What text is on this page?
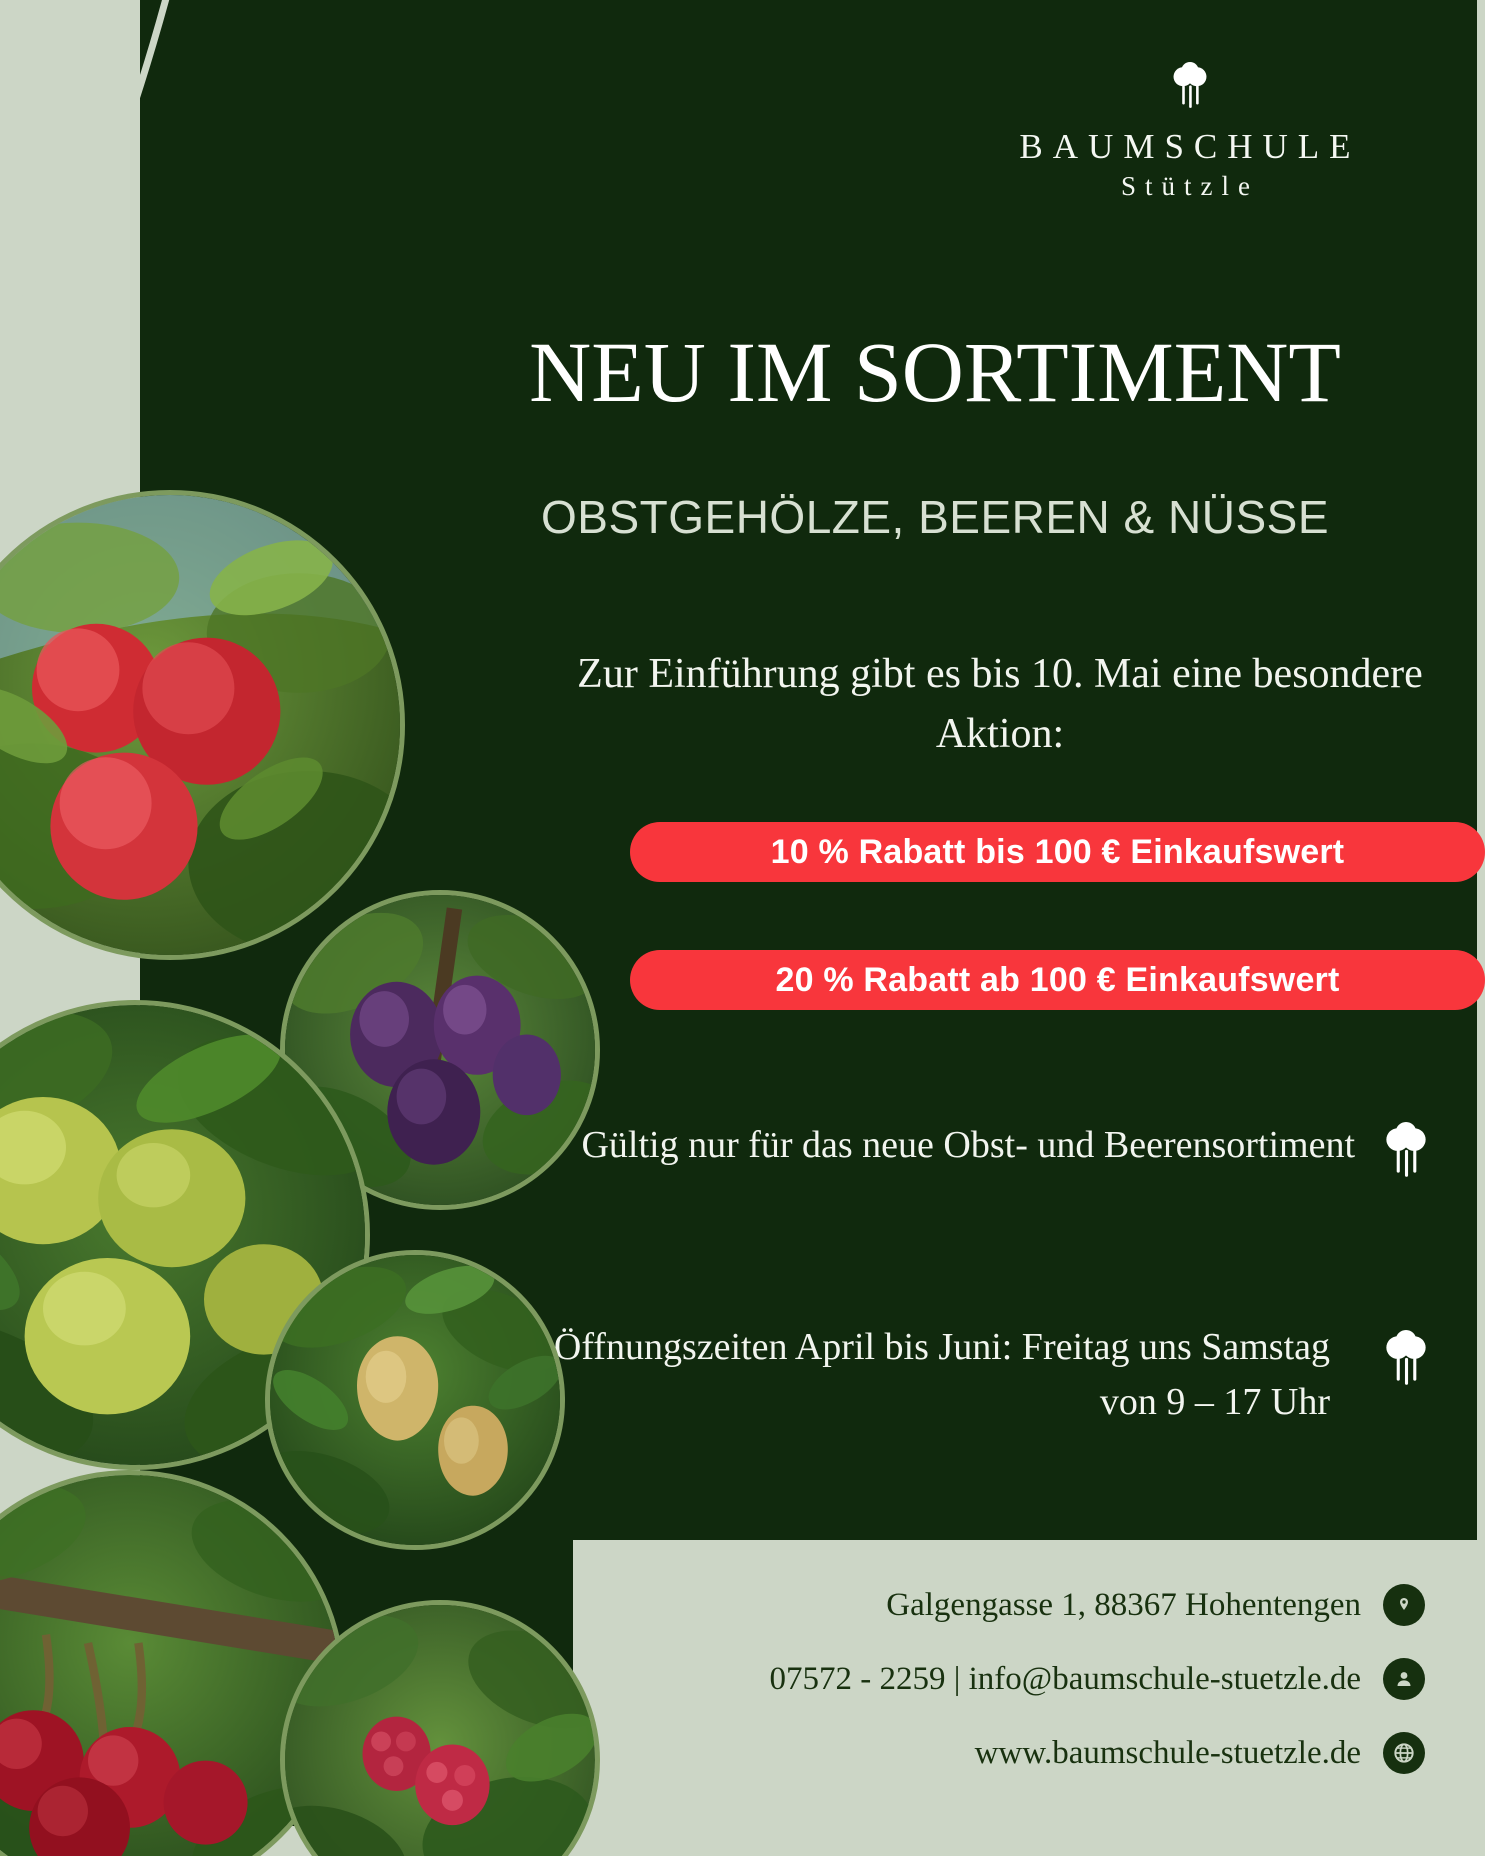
BAUMSCHULE
Stützle
NEU IM SORTIMENT
OBSTGEHÖLZE, BEEREN & NÜSSE
Zur Einführung gibt es bis 10. Mai eine besondere Aktion:
10 % Rabatt bis 100 € Einkaufswert
20 % Rabatt ab 100 € Einkaufswert
Gültig nur für das neue Obst- und Beerensortiment
Öffnungszeiten April bis Juni: Freitag uns Samstag von 9 – 17 Uhr
Galgengasse 1, 88367 Hohentengen
07572 - 2259 | info@baumschule-stuetzle.de
www.baumschule-stuetzle.de
